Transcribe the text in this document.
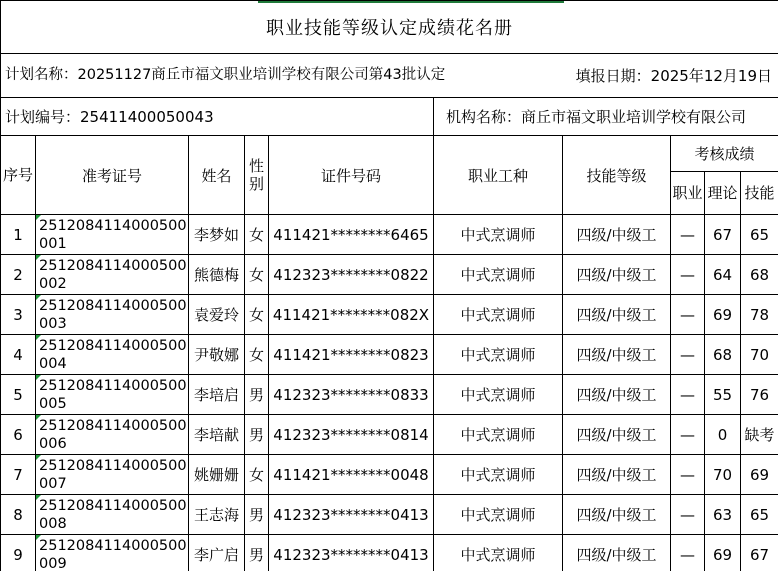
职业技能等级认定成绩花名册									
计划名称：20251127商丘市福文职业培训学校有限公司第43批认定						填报日期：2025年12月19日			
计划编号：25411400050043					机构名称：商丘市福文职业培训学校有限公司				
序号	准考证号	姓名	性别	证件号码	职业工种	技能等级	考核成绩		
							职业	理论	技能
1	2512084114000500001	李梦如	女	411421********6465	中式烹调师	四级/中级工	—	67	65
2	2512084114000500002	熊德梅	女	412323********0822	中式烹调师	四级/中级工	—	64	68
3	2512084114000500003	袁爱玲	女	411421********082X	中式烹调师	四级/中级工	—	69	78
4	2512084114000500004	尹敬娜	女	411421********0823	中式烹调师	四级/中级工	—	68	70
5	2512084114000500005	李培启	男	412323********0833	中式烹调师	四级/中级工	—	55	76
6	2512084114000500006	李培献	男	412323********0814	中式烹调师	四级/中级工	—	0	缺考
7	2512084114000500007	姚姗姗	女	411421********0048	中式烹调师	四级/中级工	—	70	69
8	2512084114000500008	王志海	男	412323********0413	中式烹调师	四级/中级工	—	63	65
9	2512084114000500009	李广启	男	412323********0413	中式烹调师	四级/中级工	—	69	67
